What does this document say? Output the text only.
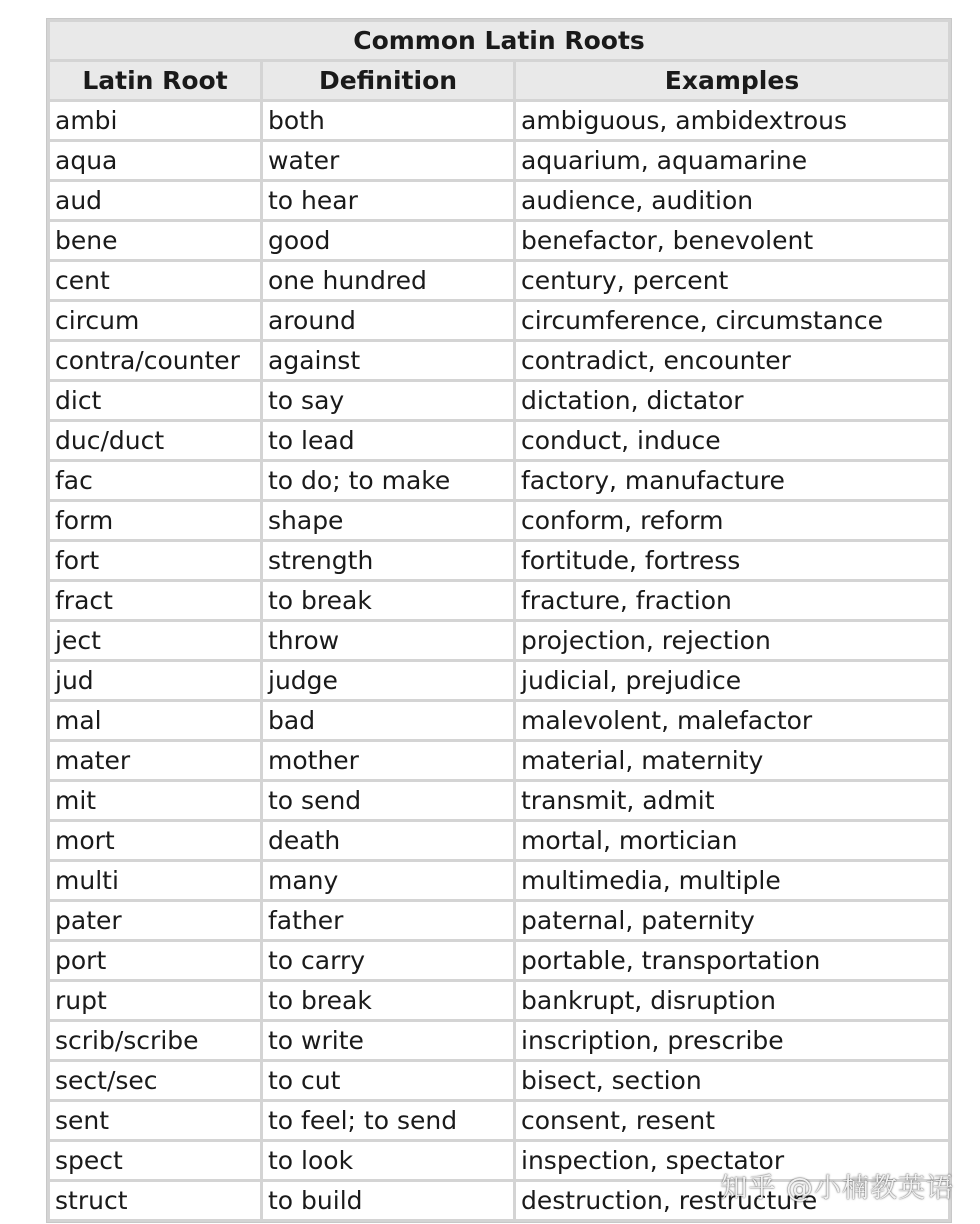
Common Latin Roots		
Latin Root	Definition	Examples
ambi	both	ambiguous, ambidextrous
aqua	water	aquarium, aquamarine
aud	to hear	audience, audition
bene	good	benefactor, benevolent
cent	one hundred	century, percent
circum	around	circumference, circumstance
contra/counter	against	contradict, encounter
dict	to say	dictation, dictator
duc/duct	to lead	conduct, induce
fac	to do; to make	factory, manufacture
form	shape	conform, reform
fort	strength	fortitude, fortress
fract	to break	fracture, fraction
ject	throw	projection, rejection
jud	judge	judicial, prejudice
mal	bad	malevolent, malefactor
mater	mother	material, maternity
mit	to send	transmit, admit
mort	death	mortal, mortician
multi	many	multimedia, multiple
pater	father	paternal, paternity
port	to carry	portable, transportation
rupt	to break	bankrupt, disruption
scrib/scribe	to write	inscription, prescribe
sect/sec	to cut	bisect, section
sent	to feel; to send	consent, resent
spect	to look	inspection, spectator
struct	to build	destruction, restructure
知乎 @小楠教英语
